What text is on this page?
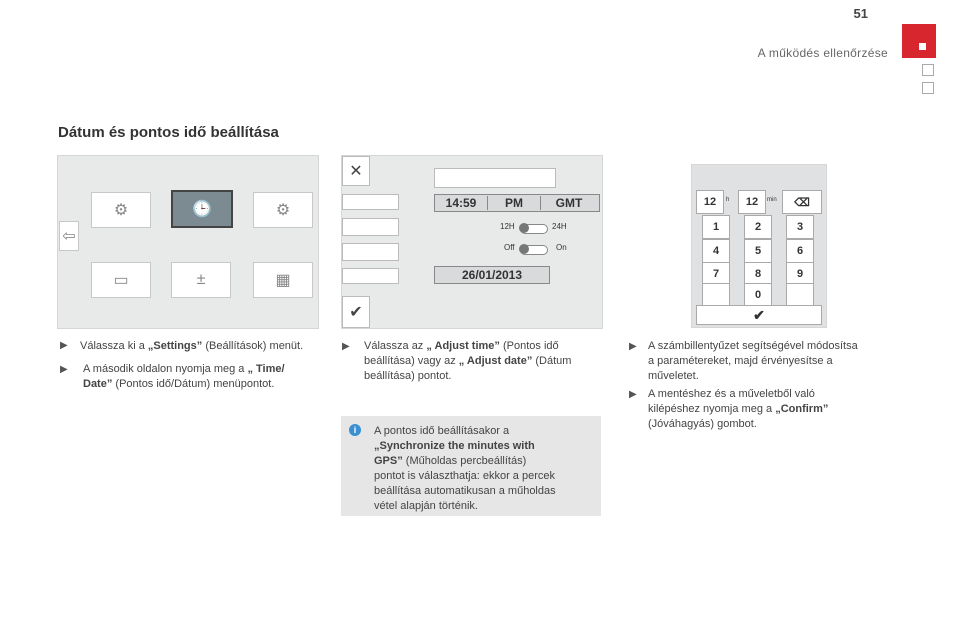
51
A működés ellenőrzése
Dátum és pontos idő beállítása
⇦
⚙	🕒	⚙
▭	±	▦
✕
✔
14:59	PM	GMT
12H	24H
Off	On
26/01/2013
12	h	12	min	⌫
1	2	3
4	5	6
7	8	9
0
✔
▶ Válassza ki a „Settings” (Beállítások) menüt.
▶ A második oldalon nyomja meg a „ Time/
Date” (Pontos idő/Dátum) menüpontot.
▶ Válassza az „ Adjust time” (Pontos idő
beállítása) vagy az „ Adjust date” (Dátum
beállítása) pontot.
i	A pontos idő beállításakor a
„Synchronize the minutes with
GPS” (Műholdas percbeállítás)
pontot is választhatja: ekkor a percek
beállítása automatikusan a műholdas
vétel alapján történik.
▶ A számbillentyűzet segítségével módosítsa
a paramétereket, majd érvényesítse a
műveletet.
▶ A mentéshez és a műveletből való
kilépéshez nyomja meg a „Confirm”
(Jóváhagyás) gombot.
